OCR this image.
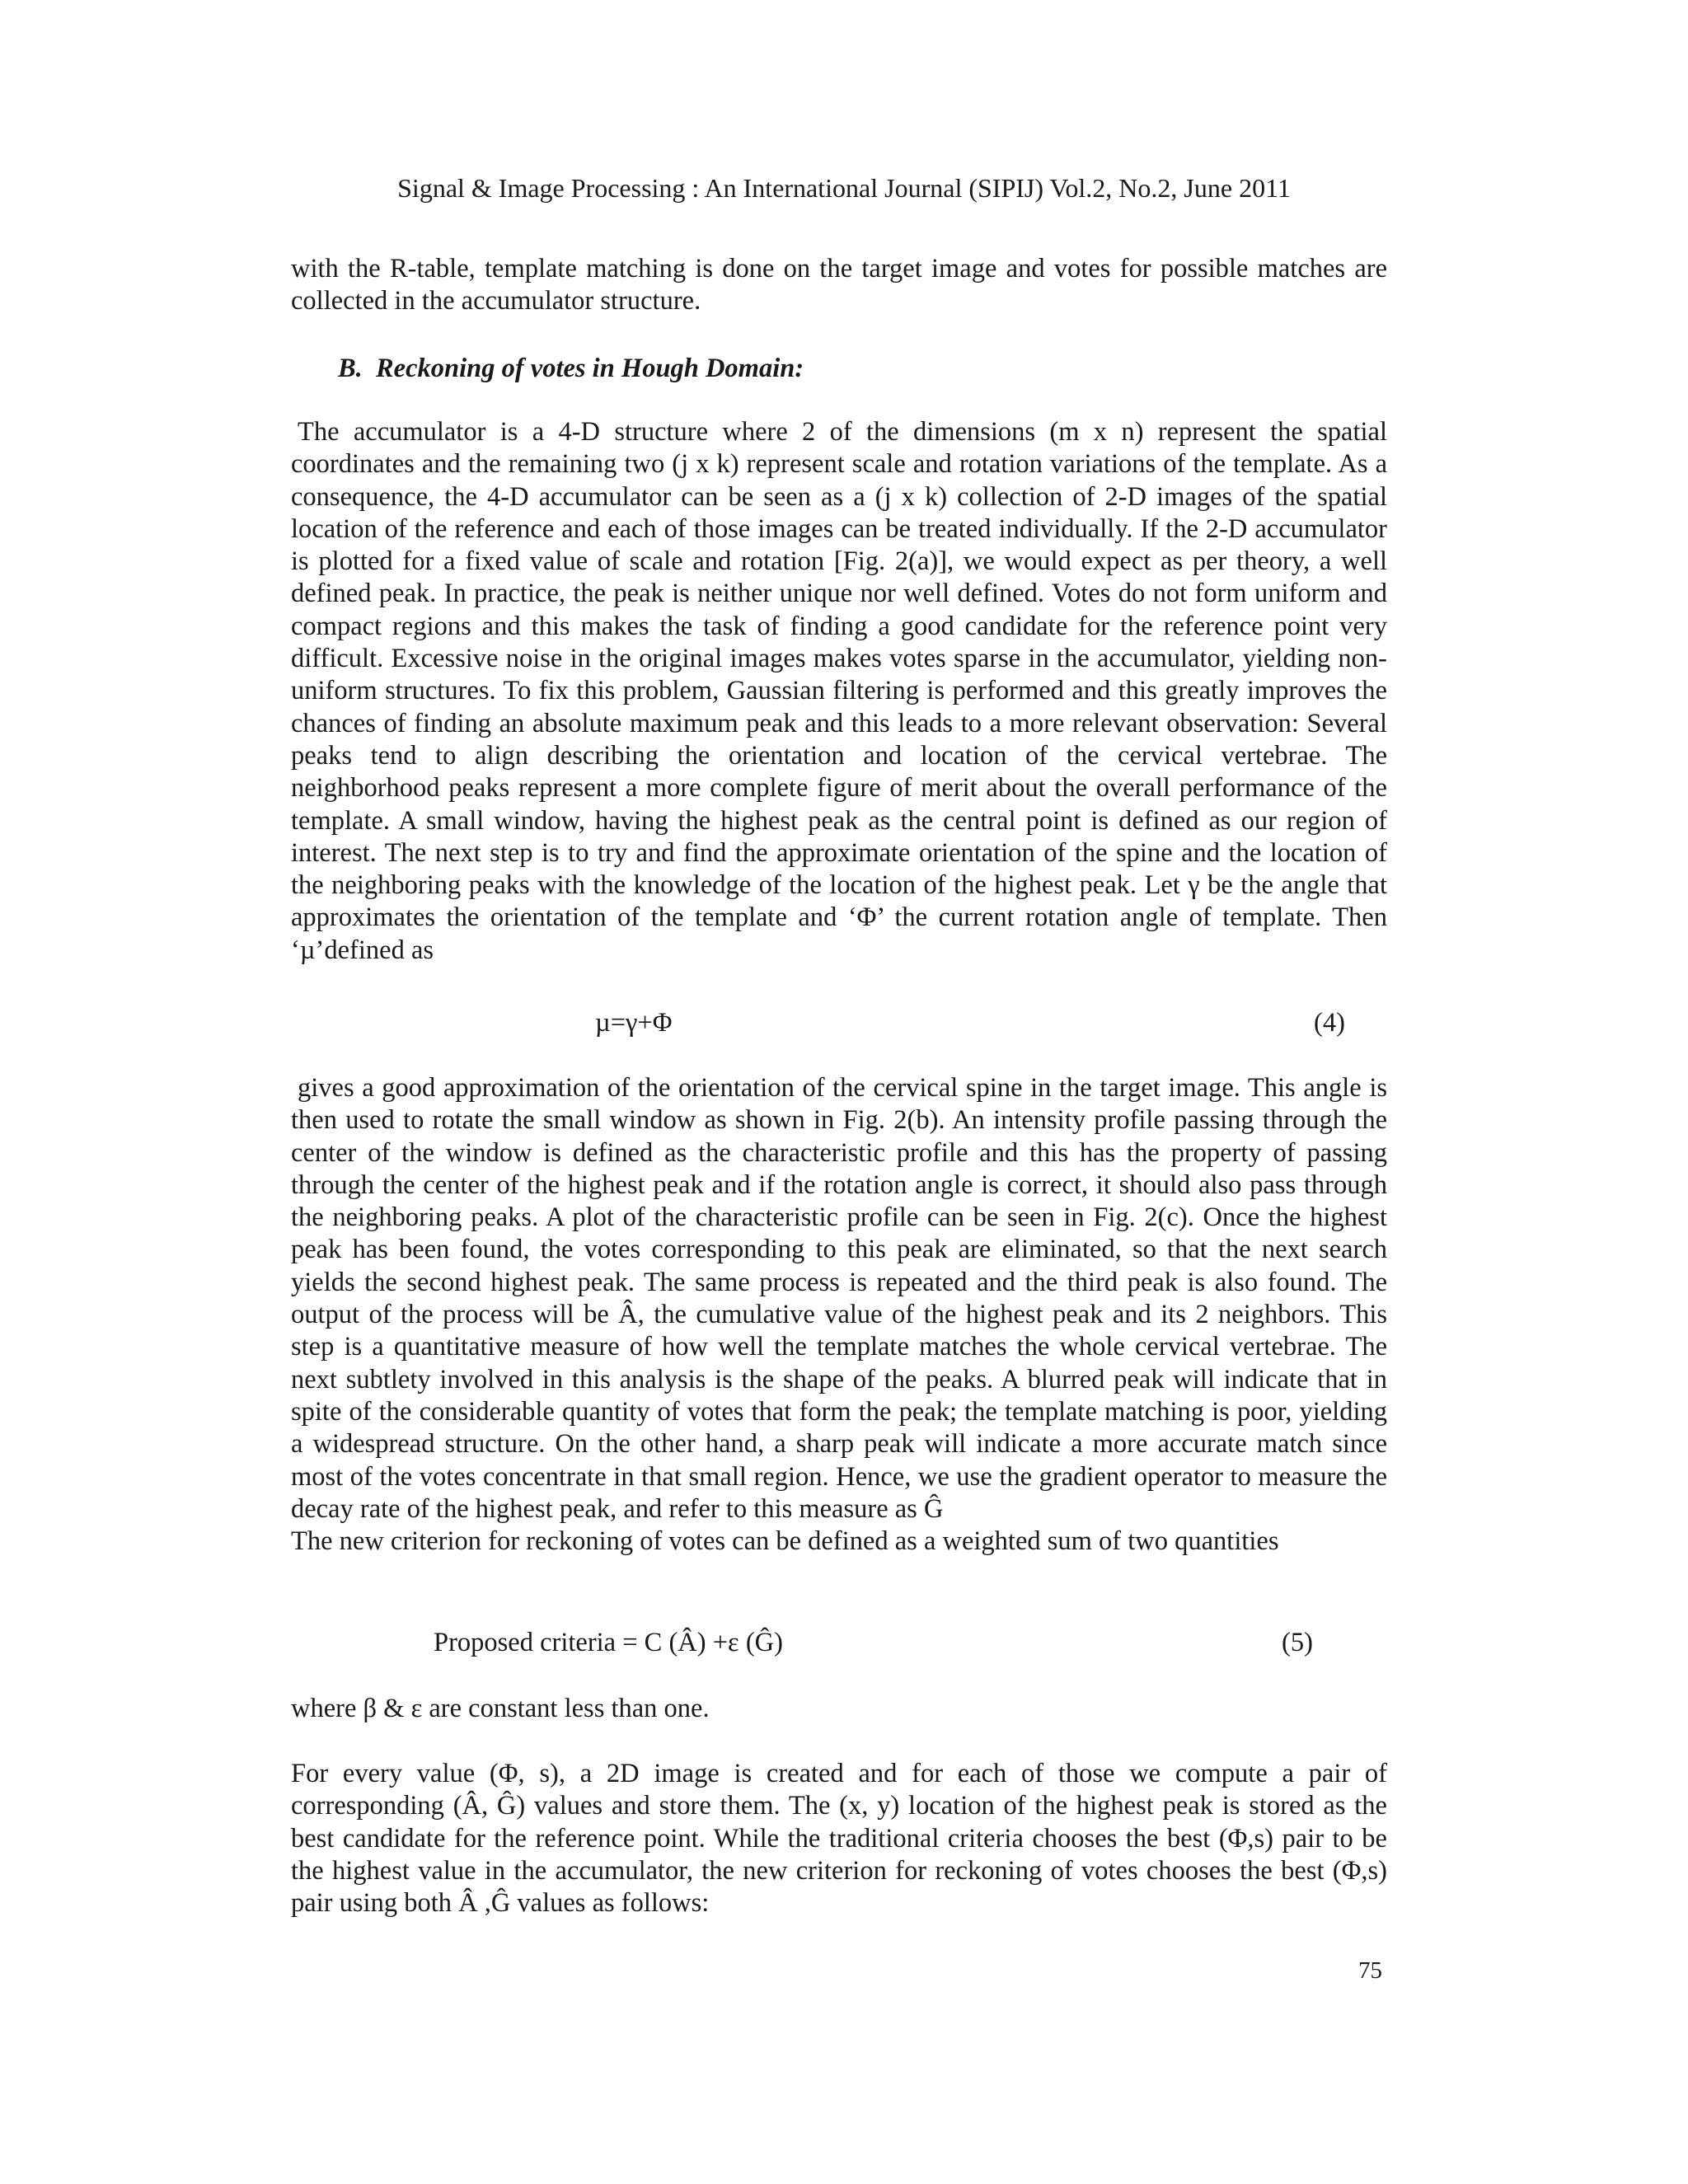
Signal & Image Processing : An International Journal (SIPIJ) Vol.2, No.2, June 2011

with the R-table, template matching is done on the target image and votes for possible matches are collected in the accumulator structure.

B. Reckoning of votes in Hough Domain:

The accumulator is a 4-D structure where 2 of the dimensions (m x n) represent the spatial coordinates and the remaining two (j x k) represent scale and rotation variations of the template. As a consequence, the 4-D accumulator can be seen as a (j x k) collection of 2-D images of the spatial location of the reference and each of those images can be treated individually. If the 2-D accumulator is plotted for a fixed value of scale and rotation [Fig. 2(a)], we would expect as per theory, a well defined peak. In practice, the peak is neither unique nor well defined. Votes do not form uniform and compact regions and this makes the task of finding a good candidate for the reference point very difficult. Excessive noise in the original images makes votes sparse in the accumulator, yielding non-uniform structures. To fix this problem, Gaussian filtering is performed and this greatly improves the chances of finding an absolute maximum peak and this leads to a more relevant observation: Several peaks tend to align describing the orientation and location of the cervical vertebrae. The neighborhood peaks represent a more complete figure of merit about the overall performance of the template. A small window, having the highest peak as the central point is defined as our region of interest. The next step is to try and find the approximate orientation of the spine and the location of the neighboring peaks with the knowledge of the location of the highest peak. Let γ be the angle that approximates the orientation of the template and ‘Φ’ the current rotation angle of template. Then ‘µ’defined as

µ=γ+Φ	(4)

gives a good approximation of the orientation of the cervical spine in the target image. This angle is then used to rotate the small window as shown in Fig. 2(b). An intensity profile passing through the center of the window is defined as the characteristic profile and this has the property of passing through the center of the highest peak and if the rotation angle is correct, it should also pass through the neighboring peaks. A plot of the characteristic profile can be seen in Fig. 2(c). Once the highest peak has been found, the votes corresponding to this peak are eliminated, so that the next search yields the second highest peak. The same process is repeated and the third peak is also found. The output of the process will be Â, the cumulative value of the highest peak and its 2 neighbors. This step is a quantitative measure of how well the template matches the whole cervical vertebrae. The next subtlety involved in this analysis is the shape of the peaks. A blurred peak will indicate that in spite of the considerable quantity of votes that form the peak; the template matching is poor, yielding a widespread structure. On the other hand, a sharp peak will indicate a more accurate match since most of the votes concentrate in that small region. Hence, we use the gradient operator to measure the decay rate of the highest peak, and refer to this measure as Ĝ

The new criterion for reckoning of votes can be defined as a weighted sum of two quantities

Proposed criteria = C (Â) +ε (Ĝ)	(5)

where β & ε are constant less than one.

For every value (Φ, s), a 2D image is created and for each of those we compute a pair of corresponding (Â, Ĝ) values and store them. The (x, y) location of the highest peak is stored as the best candidate for the reference point. While the traditional criteria chooses the best (Φ,s) pair to be the highest value in the accumulator, the new criterion for reckoning of votes chooses the best (Φ,s) pair using both Â ,Ĝ values as follows:

75
